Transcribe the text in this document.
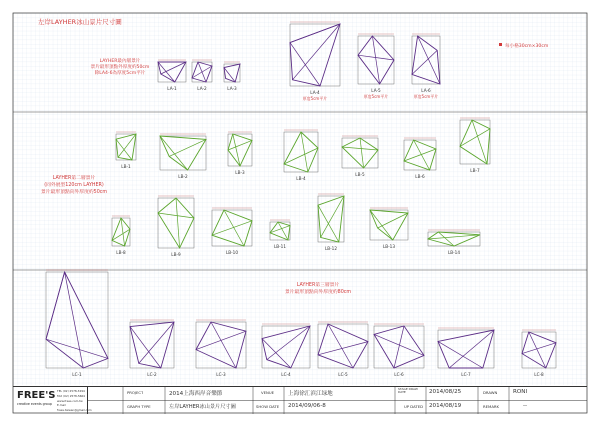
左岸LAYHER冰山景片尺寸圖
每小格30cm×30cm
LAYHER最內層景片
景片最形頂點外厚度約50cm
除LA4-6為厚度5cm平片
LAYHER第二層景片
(同外展型120cm LAYHER)
景片最形頂點向外厚度約50cm
LAYHER第三層景片
景片最形頂點向外厚度約80cm
LA-1	LA-2	LA-3
LA-4
厚度5cm平片
LA-5
厚度5cm平片
LA-6
厚度5cm平片
LB-1
LB-2
LB-3
LB-4
LB-5	LB-6
LB-7
LB-8	LB-9	LB-10
LB-11	LB-12	LB-13
LB-14
LC-1	LC-2	LC-3	LC-4	LC-5	LC-6	LC-7	LC-8
FREE'S
creative events group
TEL (02) 2578-3294
FAX (02) 2578-5664
www.frees.com.tw
E-mail frees.taiwan@gmail.com
PROJECT	2014上海西岸音樂節	VENUE 上海徐汇滨江绿地
STAGE DRAW DATE	2014/08/25	DRAWN	RONI
GRAPH TYPE	左岸LAYHER冰山景片尺寸圖	SHOW DATE 2014/09/06-8	UP DATED 2014/08/19	REMARK	--
